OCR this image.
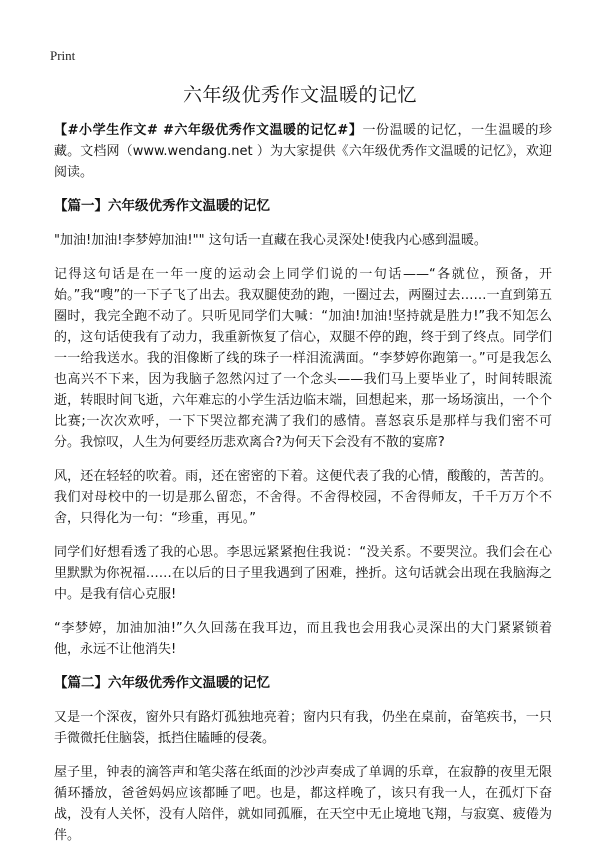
Print
六年级优秀作文温暖的记忆

【#小学生作文# #六年级优秀作文温暖的记忆#】一份温暖的记忆，一生温暖的珍藏。文档网（www.wendang.net ）为大家提供《六年级优秀作文温暖的记忆》，欢迎阅读。

【篇一】六年级优秀作文温暖的记忆

"加油!加油!李梦婷加油!"" 这句话一直藏在我心灵深处!使我内心感到温暖。

记得这句话是在一年一度的运动会上同学们说的一句话——“各就位，预备，开始。”我“嗖”的一下子飞了出去。我双腿使劲的跑，一圈过去，两圈过去……一直到第五圈时，我完全跑不动了。只听见同学们大喊：“加油!加油!坚持就是胜力!”我不知怎么的，这句话使我有了动力，我重新恢复了信心，双腿不停的跑，终于到了终点。同学们一一给我送水。我的泪像断了线的珠子一样泪流满面。“李梦婷你跑第一。”可是我怎么也高兴不下来，因为我脑子忽然闪过了一个念头——我们马上要毕业了，时间转眼流逝，转眼时间飞逝，六年难忘的小学生活边临末端，回想起来，那一场场演出，一个个比赛;一次次欢呼，一下下哭泣都充满了我们的感情。喜怒哀乐是那样与我们密不可分。我惊叹，人生为何要经历悲欢离合?为何天下会没有不散的宴席?

风，还在轻轻的吹着。雨，还在密密的下着。这便代表了我的心情，酸酸的，苦苦的。我们对母校中的一切是那么留恋，不舍得。不舍得校园，不舍得师友，千千万万个不舍，只得化为一句：“珍重，再见。”

同学们好想看透了我的心思。李思远紧紧抱住我说：“没关系。不要哭泣。我们会在心里默默为你祝福……在以后的日子里我遇到了困难，挫折。这句话就会出现在我脑海之中。是我有信心克服!

“李梦婷，加油加油!”久久回荡在我耳边，而且我也会用我心灵深出的大门紧紧锁着他，永远不让他消失!

【篇二】六年级优秀作文温暖的记忆

又是一个深夜，窗外只有路灯孤独地亮着；窗内只有我，仍坐在桌前，奋笔疾书，一只手微微托住脑袋，抵挡住瞌睡的侵袭。

屋子里，钟表的滴答声和笔尖落在纸面的沙沙声奏成了单调的乐章，在寂静的夜里无限循环播放，爸爸妈妈应该都睡了吧。也是，都这样晚了，该只有我一人，在孤灯下奋战，没有人关怀，没有人陪伴，就如同孤雁，在天空中无止境地飞翔，与寂寞、疲倦为伴。
